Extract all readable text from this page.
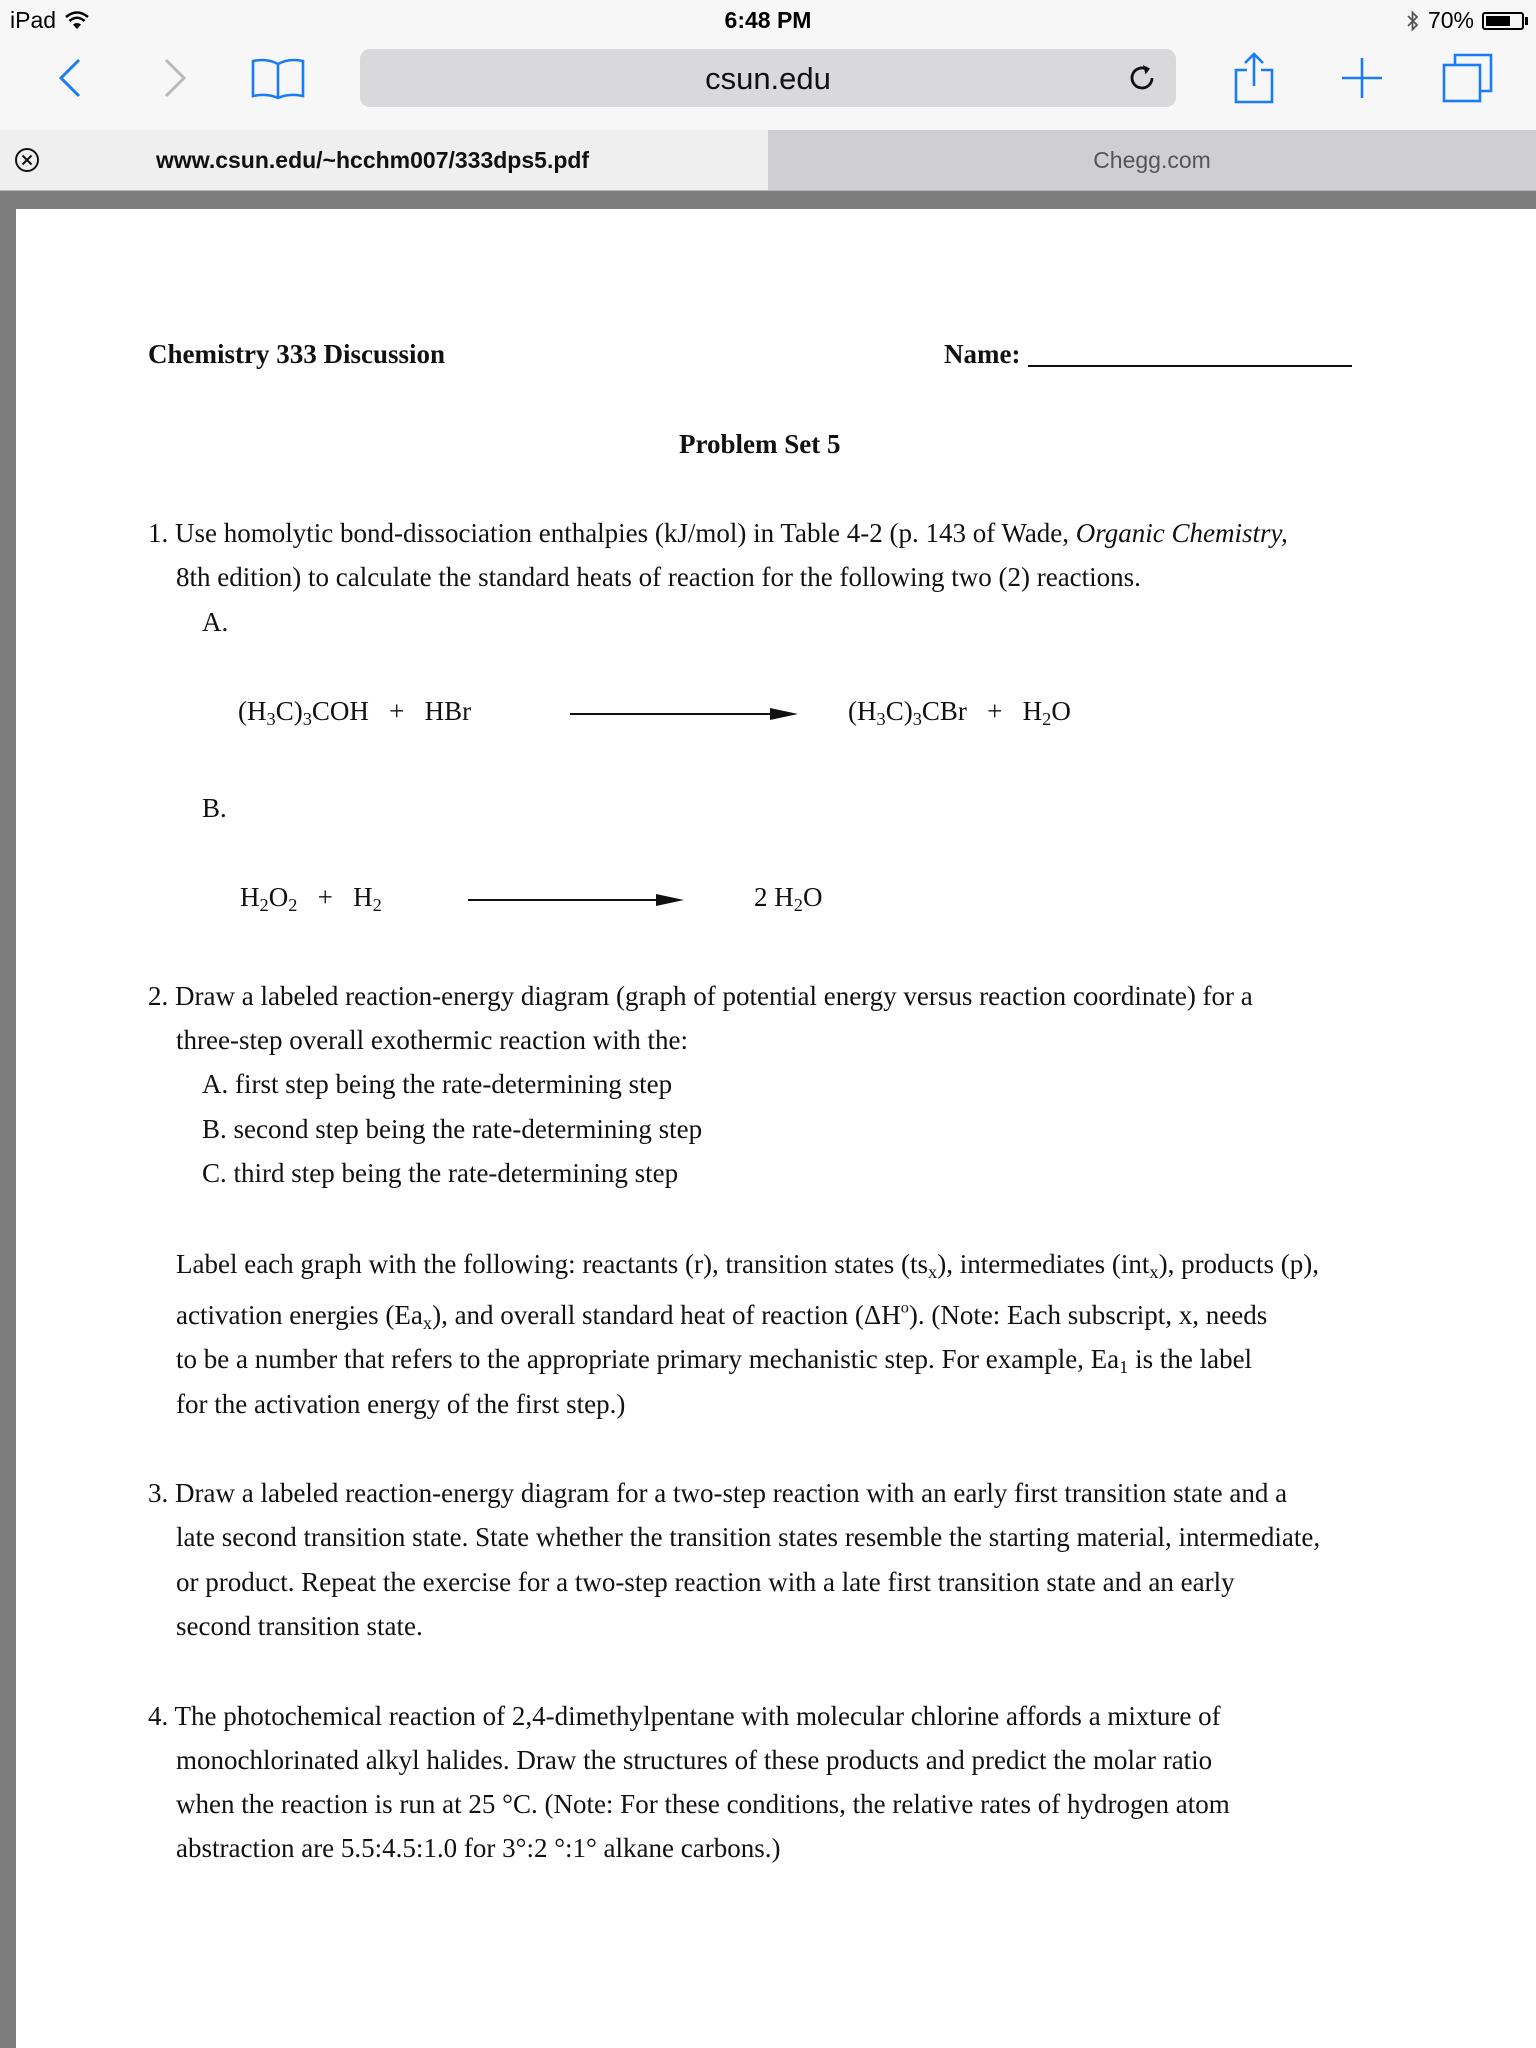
iPad	6:48 PM	70%
csun.edu
www.csun.edu/~hcchm007/333dps5.pdf	Chegg.com
Chemistry 333 Discussion	Name:
Problem Set 5
1. Use homolytic bond-dissociation enthalpies (kJ/mol) in Table 4-2 (p. 143 of Wade, Organic Chemistry,
8th edition) to calculate the standard heats of reaction for the following two (2) reactions.
A.
$(H_3C)_3COH$   + HBr	$(H_3C)_3CBr + H_2O$
B.
$H_2O_2 + H_2$	2 $H_2O$
2. Draw a labeled reaction-energy diagram (graph of potential energy versus reaction coordinate) for a
three-step overall exothermic reaction with the:
A. first step being the rate-determining step
B. second step being the rate-determining step
C. third step being the rate-determining step
Label each graph with the following: reactants (r), transition states $(ts_x)$, intermediates (int$_x$), products (p),
activation energies $(Ea_x)$, and overall standard heat of reaction $(\Delta H^o)$. (Note: Each subscript, x, needs
to be a number that refers to the appropriate primary mechanistic step. For example, $Ea_1$ is the label
for the activation energy of the first step.)
3. Draw a labeled reaction-energy diagram for a two-step reaction with an early first transition state and a
late second transition state. State whether the transition states resemble the starting material, intermediate,
or product. Repeat the exercise for a two-step reaction with a late first transition state and an early
second transition state.
4. The photochemical reaction of 2,4-dimethylpentane with molecular chlorine affords a mixture of
monochlorinated alkyl halides. Draw the structures of these products and predict the molar ratio
when the reaction is run at 25 °C. (Note: For these conditions, the relative rates of hydrogen atom
abstraction are 5.5:4.5:1.0 for 3°:2 °:1° alkane carbons.)
